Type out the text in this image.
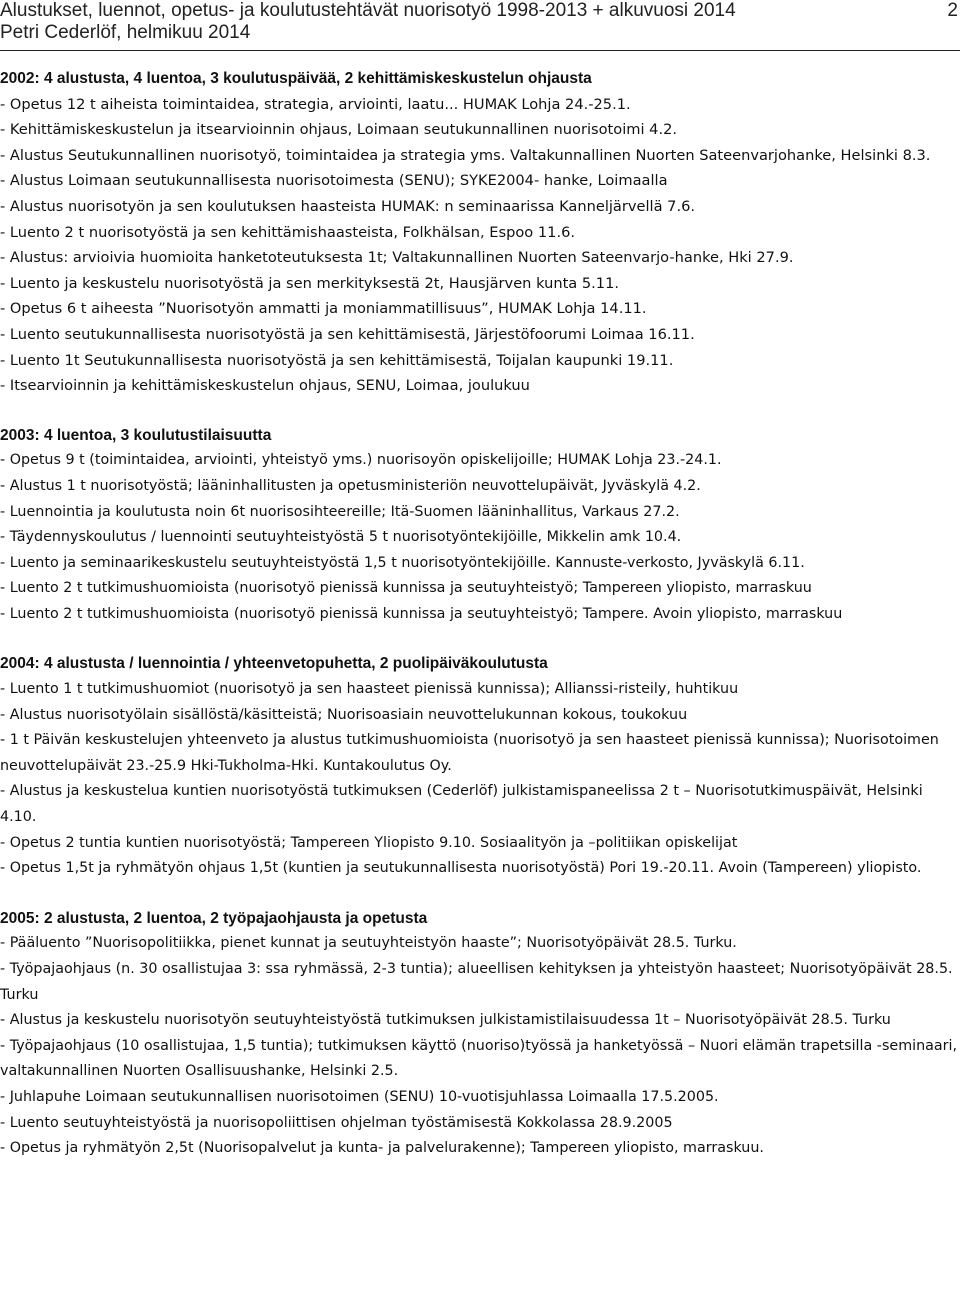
Alustukset, luennot, opetus- ja koulutustehtävät nuorisotyö 1998-2013 + alkuvuosi 2014
Petri Cederlöf, helmikuu 2014
2
2002: 4 alustusta, 4 luentoa, 3 koulutuspäivää, 2 kehittämiskeskustelun ohjausta
- Opetus 12 t aiheista toimintaidea, strategia, arviointi, laatu... HUMAK Lohja 24.-25.1.
- Kehittämiskeskustelun ja itsearvioinnin ohjaus, Loimaan seutukunnallinen nuorisotoimi 4.2.
- Alustus Seutukunnallinen nuorisotyö, toimintaidea ja strategia yms. Valtakunnallinen Nuorten Sateenvarjohanke, Helsinki 8.3.
- Alustus Loimaan seutukunnallisesta nuorisotoimesta (SENU); SYKE2004- hanke, Loimaalla
- Alustus nuorisotyön ja sen koulutuksen haasteista HUMAK: n seminaarissa Kanneljärvellä 7.6.
- Luento 2 t nuorisotyöstä ja sen kehittämishaasteista, Folkhälsan, Espoo 11.6.
- Alustus: arvioivia huomioita hanketoteutuksesta 1t; Valtakunnallinen Nuorten Sateenvarjo-hanke, Hki 27.9.
- Luento ja keskustelu nuorisotyöstä ja sen merkityksestä 2t, Hausjärven kunta 5.11.
- Opetus 6 t aiheesta ”Nuorisotyön ammatti ja moniammatillisuus”, HUMAK Lohja 14.11.
- Luento seutukunnallisesta nuorisotyöstä ja sen kehittämisestä, Järjestöfoorumi Loimaa 16.11.
- Luento 1t Seutukunnallisesta nuorisotyöstä ja sen kehittämisestä, Toijalan kaupunki 19.11.
- Itsearvioinnin ja kehittämiskeskustelun ohjaus, SENU, Loimaa, joulukuu
2003: 4 luentoa, 3 koulutustilaisuutta
- Opetus 9 t (toimintaidea, arviointi, yhteistyö yms.) nuorisoyön opiskelijoille; HUMAK Lohja 23.-24.1.
- Alustus 1 t nuorisotyöstä; lääninhallitusten ja opetusministeriön neuvottelupäivät, Jyväskylä 4.2.
- Luennointia ja koulutusta noin 6t nuorisosihteereille; Itä-Suomen lääninhallitus, Varkaus 27.2.
- Täydennyskoulutus / luennointi seutuyhteistyöstä 5 t nuorisotyöntekijöille, Mikkelin amk 10.4.
- Luento ja seminaarikeskustelu seutuyhteistyöstä 1,5 t nuorisotyöntekijöille. Kannuste-verkosto, Jyväskylä 6.11.
- Luento 2 t tutkimushuomioista (nuorisotyö pienissä kunnissa ja seutuyhteistyö; Tampereen yliopisto, marraskuu
- Luento 2 t tutkimushuomioista (nuorisotyö pienissä kunnissa ja seutuyhteistyö; Tampere. Avoin yliopisto, marraskuu
2004: 4 alustusta / luennointia / yhteenvetopuhetta, 2 puolipäiväkoulutusta
- Luento 1 t tutkimushuomiot (nuorisotyö ja sen haasteet pienissä kunnissa); Allianssi-risteily, huhtikuu
- Alustus nuorisotyölain sisällöstä/käsitteistä; Nuorisoasiain neuvottelukunnan kokous, toukokuu
- 1 t Päivän keskustelujen yhteenveto ja alustus tutkimushuomioista (nuorisotyö ja sen haasteet pienissä kunnissa); Nuorisotoimen neuvottelupäivät 23.-25.9 Hki-Tukholma-Hki. Kuntakoulutus Oy.
- Alustus ja keskustelua kuntien nuorisotyöstä tutkimuksen (Cederlöf) julkistamispaneelissa 2 t – Nuorisotutkimuspäivät, Helsinki 4.10.
- Opetus 2 tuntia kuntien nuorisotyöstä; Tampereen Yliopisto 9.10. Sosiaalityön ja –politiikan opiskelijat
- Opetus 1,5t ja ryhmätyön ohjaus 1,5t (kuntien ja seutukunnallisesta nuorisotyöstä) Pori 19.-20.11. Avoin (Tampereen) yliopisto.
2005: 2 alustusta, 2 luentoa, 2 työpajaohjausta ja opetusta
- Pääluento ”Nuorisopolitiikka, pienet kunnat ja seutuyhteistyön haaste”; Nuorisotyöpäivät 28.5. Turku.
- Työpajaohjaus (n. 30 osallistujaa 3: ssa ryhmässä, 2-3 tuntia); alueellisen kehityksen ja yhteistyön haasteet; Nuorisotyöpäivät 28.5. Turku
- Alustus ja keskustelu nuorisotyön seutuyhteistyöstä tutkimuksen julkistamistilaisuudessa 1t – Nuorisotyöpäivät 28.5. Turku
- Työpajaohjaus (10 osallistujaa, 1,5 tuntia); tutkimuksen käyttö (nuoriso)työssä ja hanketyössä – Nuori elämän trapetsilla -seminaari, valtakunnallinen Nuorten Osallisuushanke, Helsinki 2.5.
- Juhlapuhe Loimaan seutukunnallisen nuorisotoimen (SENU) 10-vuotisjuhlassa Loimaalla 17.5.2005.
- Luento seutuyhteistyöstä ja nuorisopoliittisen ohjelman työstämisestä Kokkolassa 28.9.2005
- Opetus ja ryhmätyön 2,5t (Nuorisopalvelut ja kunta- ja palvelurakenne); Tampereen yliopisto, marraskuu.
